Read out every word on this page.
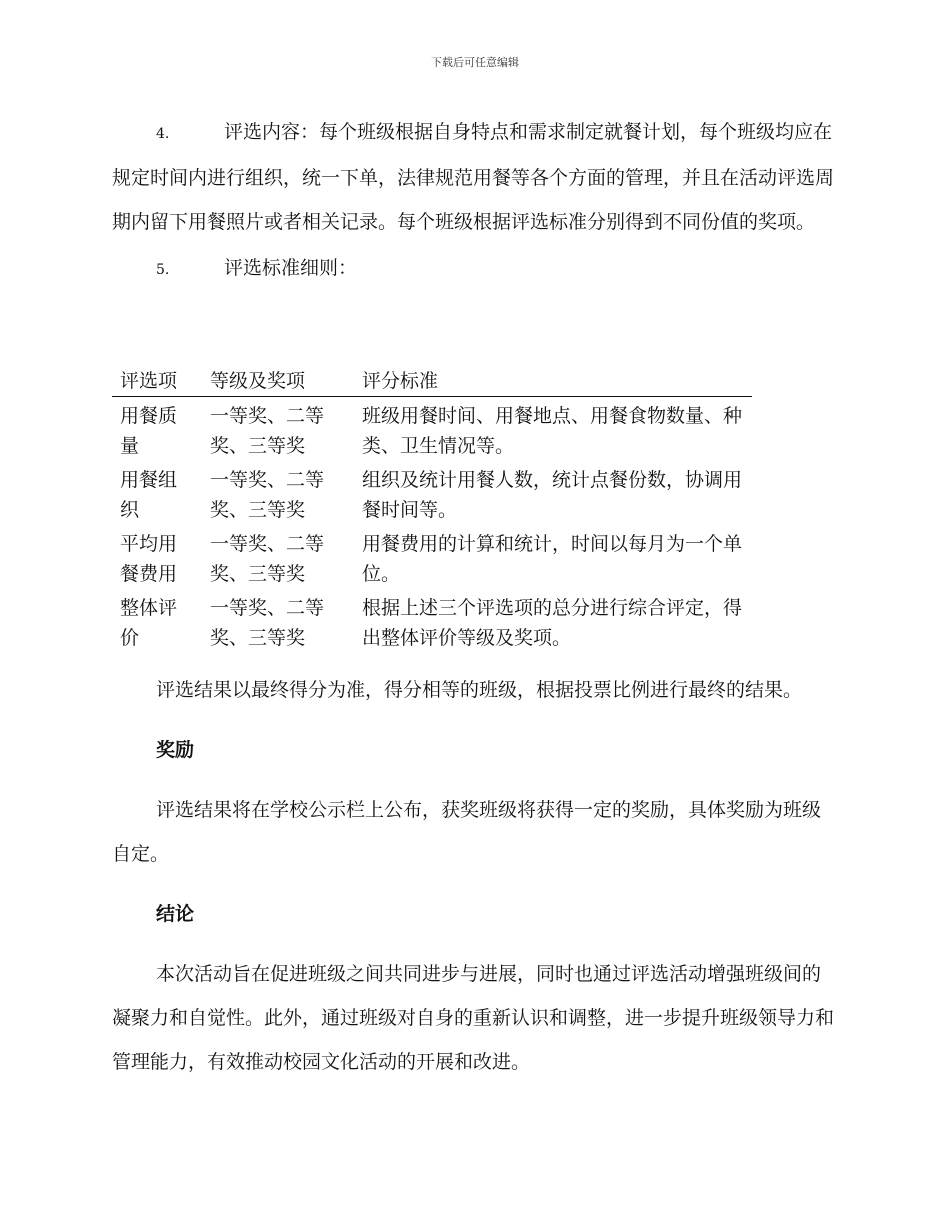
下载后可任意编辑

4.	评选内容：每个班级根据自身特点和需求制定就餐计划，每个班级均应在规定时间内进行组织，统一下单，法律规范用餐等各个方面的管理，并且在活动评选周期内留下用餐照片或者相关记录。每个班级根据评选标准分别得到不同份值的奖项。

5.	评选标准细则：

评选项	等级及奖项	评分标准
用餐质量	一等奖、二等奖、三等奖	班级用餐时间、用餐地点、用餐食物数量、种类、卫生情况等。
用餐组织	一等奖、二等奖、三等奖	组织及统计用餐人数，统计点餐份数，协调用餐时间等。
平均用餐费用	一等奖、二等奖、三等奖	用餐费用的计算和统计，时间以每月为一个单位。
整体评价	一等奖、二等奖、三等奖	根据上述三个评选项的总分进行综合评定，得出整体评价等级及奖项。

评选结果以最终得分为准，得分相等的班级，根据投票比例进行最终的结果。

奖励

评选结果将在学校公示栏上公布，获奖班级将获得一定的奖励，具体奖励为班级自定。

结论

本次活动旨在促进班级之间共同进步与进展，同时也通过评选活动增强班级间的凝聚力和自觉性。此外，通过班级对自身的重新认识和调整，进一步提升班级领导力和管理能力，有效推动校园文化活动的开展和改进。
